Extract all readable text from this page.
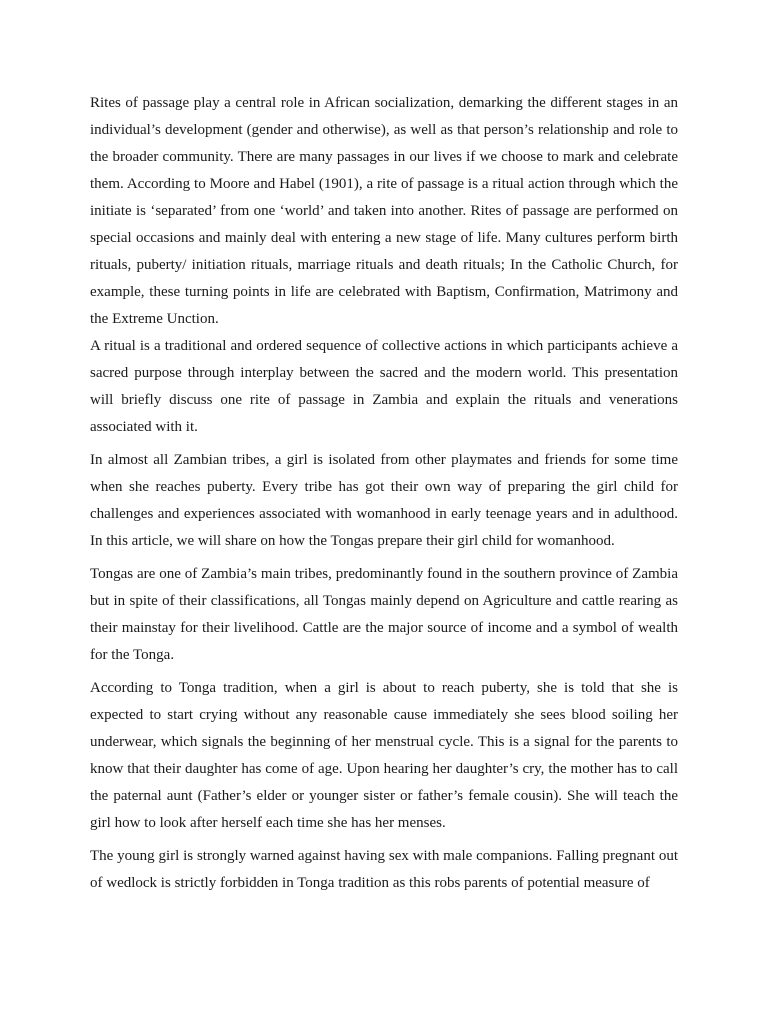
Rites of passage play a central role in African socialization, demarking the different stages in an individual’s development (gender and otherwise), as well as that person’s relationship and role to the broader community. There are many passages in our lives if we choose to mark and celebrate them. According to Moore and Habel (1901), a rite of passage is a ritual action through which the initiate is ‘separated’ from one ‘world’ and taken into another. Rites of passage are performed on special occasions and mainly deal with entering a new stage of life. Many cultures perform birth rituals, puberty/ initiation rituals, marriage rituals and death rituals; In the Catholic Church, for example, these turning points in life are celebrated with Baptism, Confirmation, Matrimony and the Extreme Unction.

A ritual is a traditional and ordered sequence of collective actions in which participants achieve a sacred purpose through interplay between the sacred and the modern world. This presentation will briefly discuss one rite of passage in Zambia and explain the rituals and venerations associated with it.

In almost all Zambian tribes, a girl is isolated from other playmates and friends for some time when she reaches puberty. Every tribe has got their own way of preparing the girl child for challenges and experiences associated with womanhood in early teenage years and in adulthood. In this article, we will share on how the Tongas prepare their girl child for womanhood.

Tongas are one of Zambia’s main tribes, predominantly found in the southern province of Zambia but in spite of their classifications, all Tongas mainly depend on Agriculture and cattle rearing as their mainstay for their livelihood. Cattle are the major source of income and a symbol of wealth for the Tonga.

According to Tonga tradition, when a girl is about to reach puberty, she is told that she is expected to start crying without any reasonable cause immediately she sees blood soiling her underwear, which signals the beginning of her menstrual cycle. This is a signal for the parents to know that their daughter has come of age. Upon hearing her daughter’s cry, the mother has to call the paternal aunt (Father’s elder or younger sister or father’s female cousin). She will teach the girl how to look after herself each time she has her menses.

The young girl is strongly warned against having sex with male companions. Falling pregnant out of wedlock is strictly forbidden in Tonga tradition as this robs parents of potential measure of
